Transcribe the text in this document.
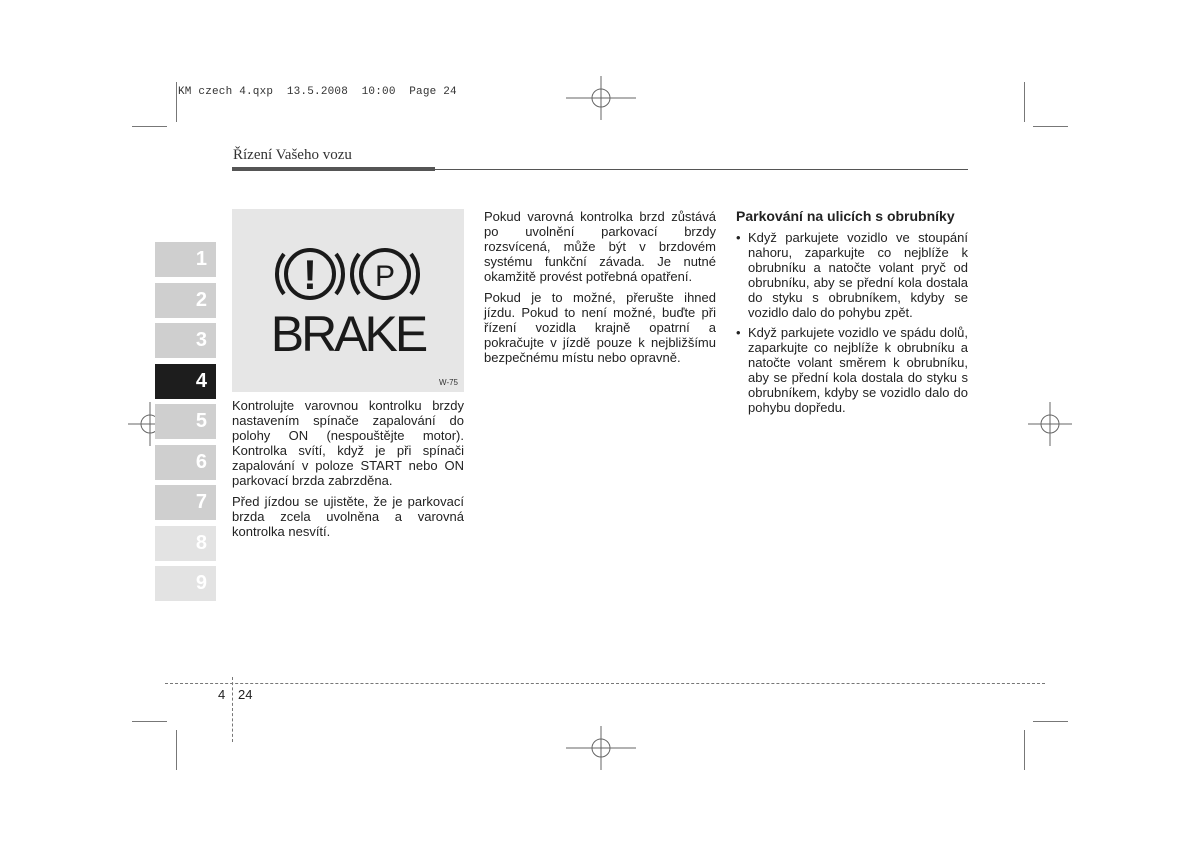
KM czech 4.qxp  13.5.2008  10:00  Page 24
Řízení Vašeho vozu
1
2
3
4
5
6
7
8
9
! P
BRAKE
W-75

Kontrolujte varovnou kontrolku brzdy nastavením spínače zapalování do polohy ON (nespouštějte motor). Kontrolka svítí, když je při spínači zapalování v poloze START nebo ON parkovací brzda zabrzděna.

Před jízdou se ujistěte, že je parkovací brzda zcela uvolněna a varovná kontrolka nesvítí.

Pokud varovná kontrolka brzd zůstává po uvolnění parkovací brzdy rozsvícená, může být v brzdovém systému funkční závada. Je nutné okamžitě provést potřebná opatření.

Pokud je to možné, přerušte ihned jízdu. Pokud to není možné, buďte při řízení vozidla krajně opatrní a pokračujte v jízdě pouze k nejbližšímu bezpečnému místu nebo opravně.

Parkování na ulicích s obrubníky
• Když parkujete vozidlo ve stoupání nahoru, zaparkujte co nejblíže k obrubníku a natočte volant pryč od obrubníku, aby se přední kola dostala do styku s obrubníkem, kdyby se vozidlo dalo do pohybu zpět.
• Když parkujete vozidlo ve spádu dolů, zaparkujte co nejblíže k obrubníku a natočte volant směrem k obrubníku, aby se přední kola dostala do styku s obrubníkem, kdyby se vozidlo dalo do pohybu dopředu.
4 24
